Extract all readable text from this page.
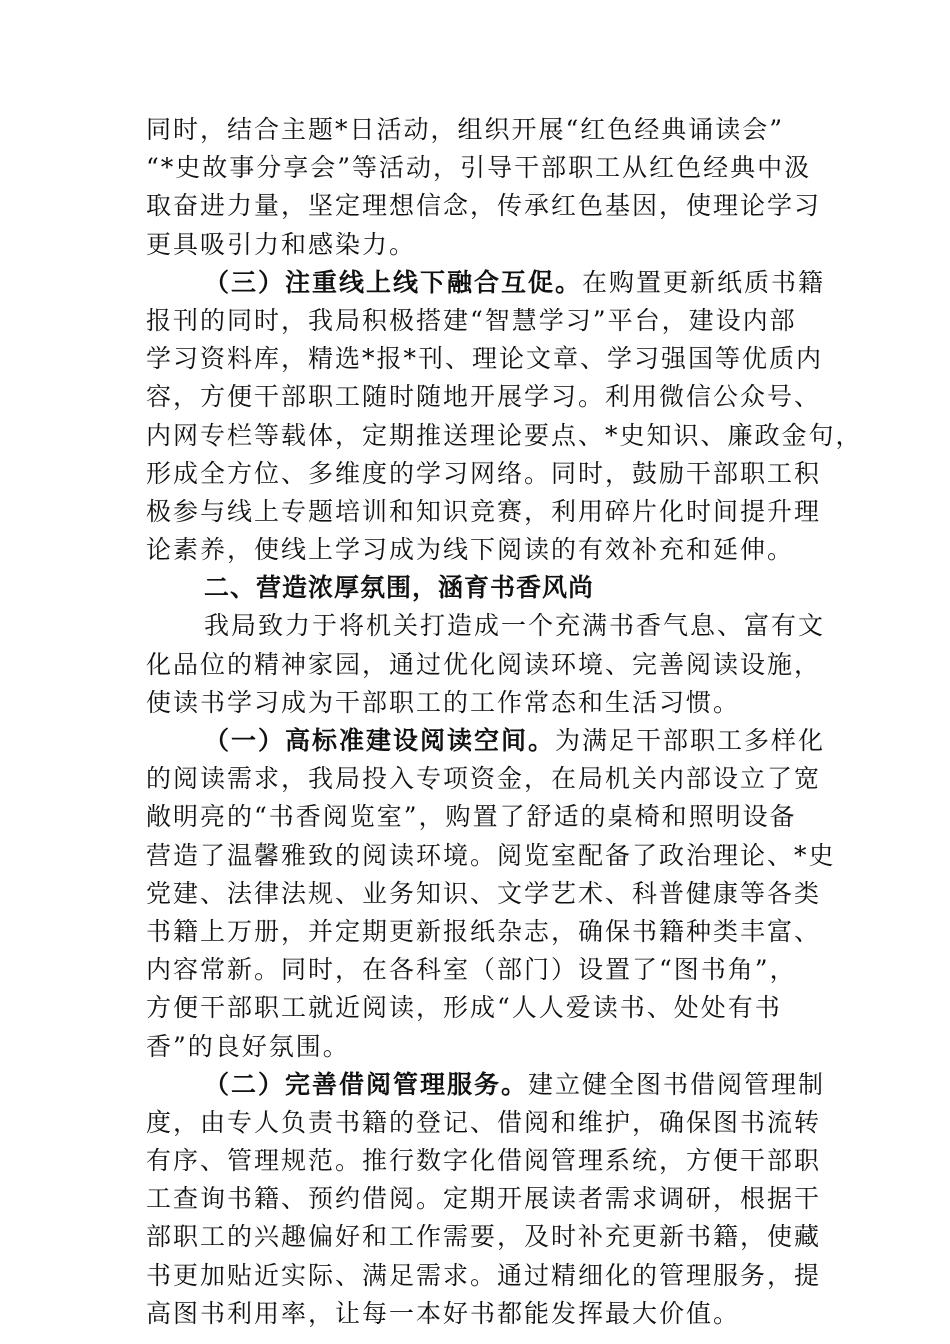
同时，结合主题*日活动，组织开展“红色经典诵读会”
“*史故事分享会”等活动，引导干部职工从红色经典中汲
取奋进力量，坚定理想信念，传承红色基因，使理论学习
更具吸引力和感染力。
（三）注重线上线下融合互促。在购置更新纸质书籍
报刊的同时，我局积极搭建“智慧学习”平台，建设内部
学习资料库，精选*报*刊、理论文章、学习强国等优质内
容，方便干部职工随时随地开展学习。利用微信公众号、
内网专栏等载体，定期推送理论要点、*史知识、廉政金句，
形成全方位、多维度的学习网络。同时，鼓励干部职工积
极参与线上专题培训和知识竞赛，利用碎片化时间提升理
论素养，使线上学习成为线下阅读的有效补充和延伸。
二、营造浓厚氛围，涵育书香风尚
我局致力于将机关打造成一个充满书香气息、富有文
化品位的精神家园，通过优化阅读环境、完善阅读设施，
使读书学习成为干部职工的工作常态和生活习惯。
（一）高标准建设阅读空间。为满足干部职工多样化
的阅读需求，我局投入专项资金，在局机关内部设立了宽
敞明亮的“书香阅览室”，购置了舒适的桌椅和照明设备
营造了温馨雅致的阅读环境。阅览室配备了政治理论、*史
党建、法律法规、业务知识、文学艺术、科普健康等各类
书籍上万册，并定期更新报纸杂志，确保书籍种类丰富、
内容常新。同时，在各科室（部门）设置了“图书角”，
方便干部职工就近阅读，形成“人人爱读书、处处有书
香”的良好氛围。
（二）完善借阅管理服务。建立健全图书借阅管理制
度，由专人负责书籍的登记、借阅和维护，确保图书流转
有序、管理规范。推行数字化借阅管理系统，方便干部职
工查询书籍、预约借阅。定期开展读者需求调研，根据干
部职工的兴趣偏好和工作需要，及时补充更新书籍，使藏
书更加贴近实际、满足需求。通过精细化的管理服务，提
高图书利用率，让每一本好书都能发挥最大价值。
